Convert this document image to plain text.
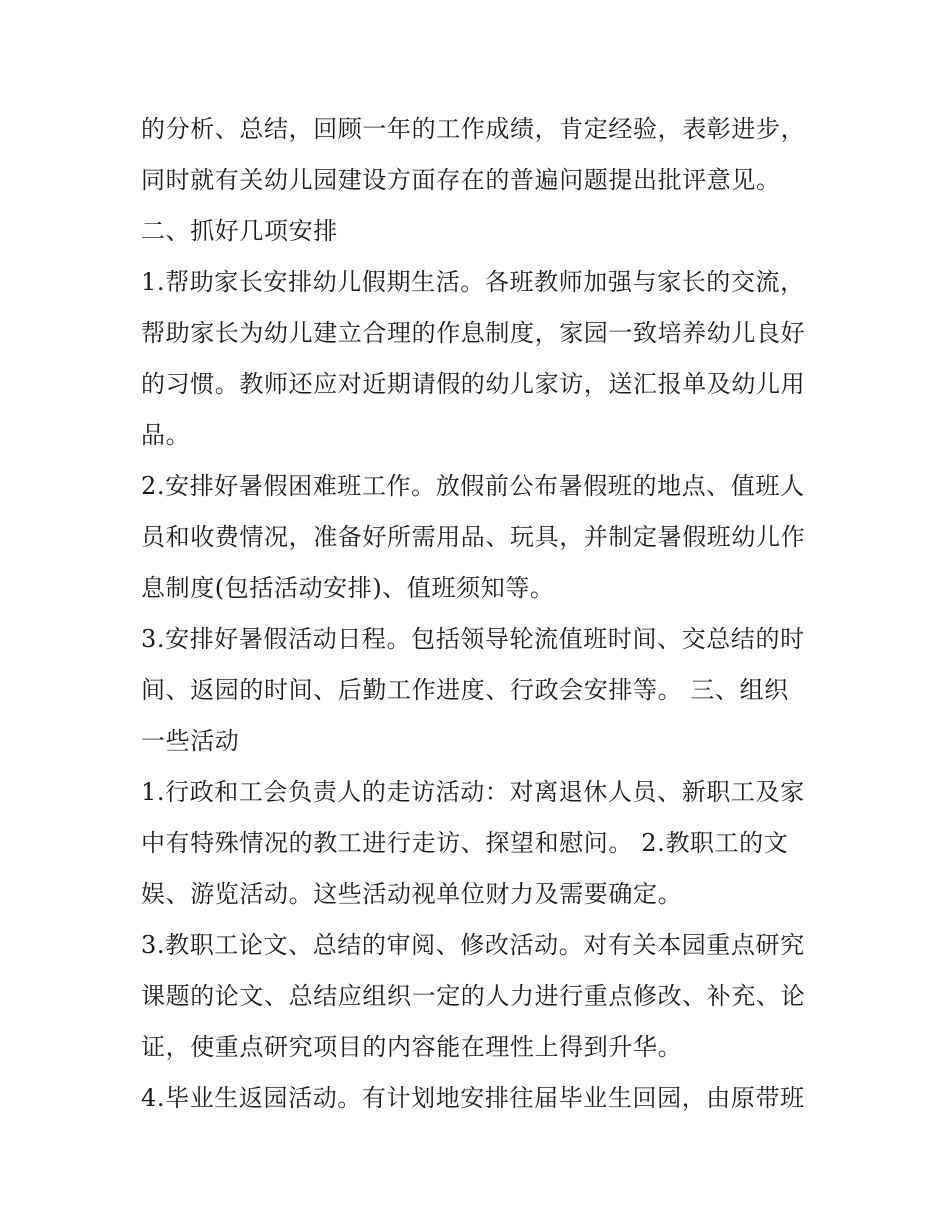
的分析、总结，回顾一年的工作成绩，肯定经验，表彰进步，
同时就有关幼儿园建设方面存在的普遍问题提出批评意见。
二、抓好几项安排
1.帮助家长安排幼儿假期生活。各班教师加强与家长的交流，
帮助家长为幼儿建立合理的作息制度，家园一致培养幼儿良好
的习惯。教师还应对近期请假的幼儿家访，送汇报单及幼儿用
品。
2.安排好暑假困难班工作。放假前公布暑假班的地点、值班人
员和收费情况，准备好所需用品、玩具，并制定暑假班幼儿作
息制度(包括活动安排)、值班须知等。
3.安排好暑假活动日程。包括领导轮流值班时间、交总结的时
间、返园的时间、后勤工作进度、行政会安排等。 三、组织
一些活动
1.行政和工会负责人的走访活动：对离退休人员、新职工及家
中有特殊情况的教工进行走访、探望和慰问。 2.教职工的文
娱、游览活动。这些活动视单位财力及需要确定。
3.教职工论文、总结的审阅、修改活动。对有关本园重点研究
课题的论文、总结应组织一定的人力进行重点修改、补充、论
证，使重点研究项目的内容能在理性上得到升华。
4.毕业生返园活动。有计划地安排往届毕业生回园，由原带班
